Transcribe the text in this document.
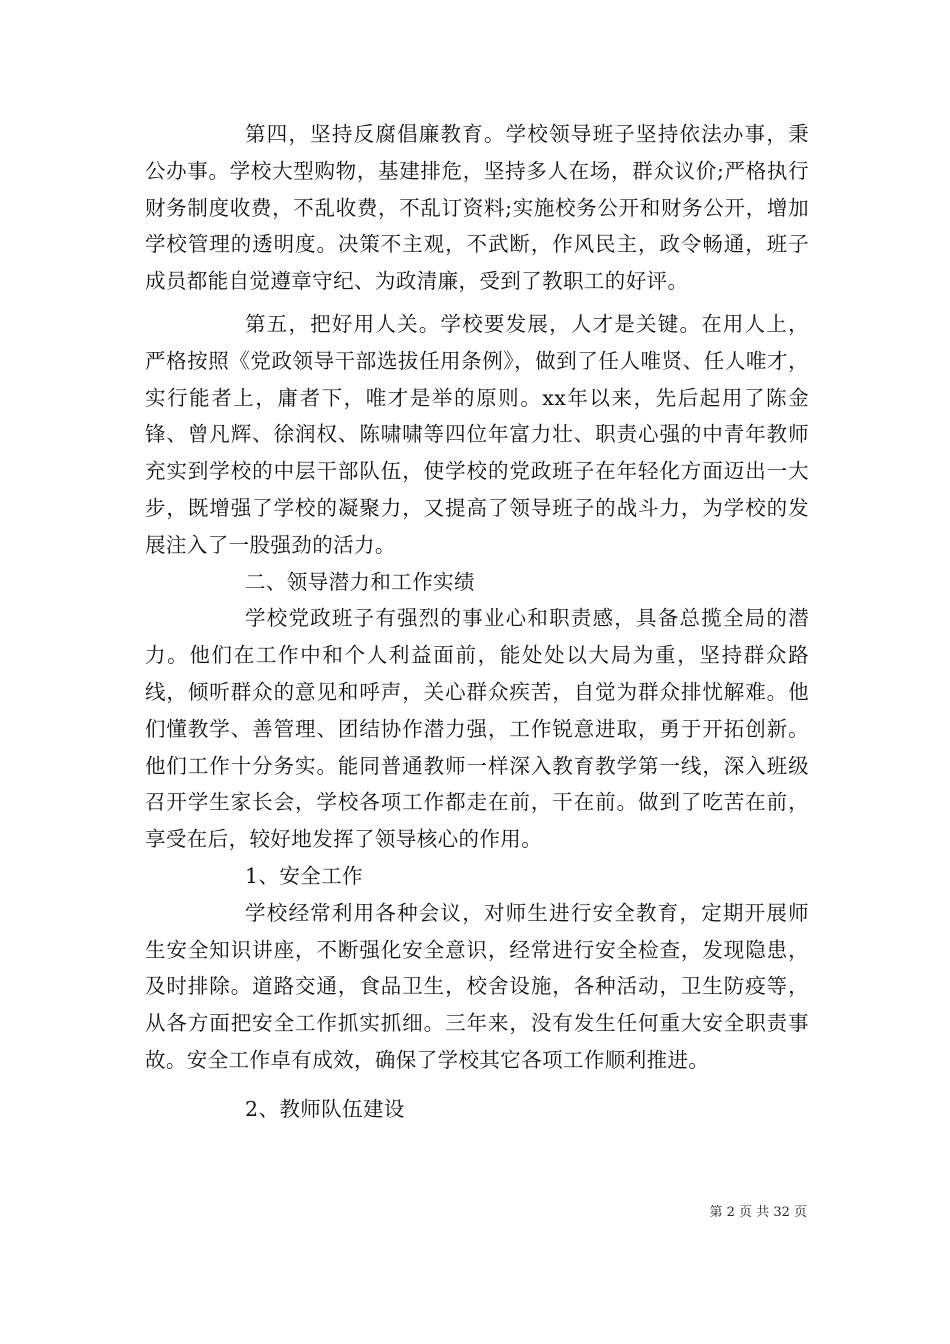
第四，坚持反腐倡廉教育。学校领导班子坚持依法办事，秉公办事。学校大型购物，基建排危，坚持多人在场，群众议价;严格执行财务制度收费，不乱收费，不乱订资料;实施校务公开和财务公开，增加学校管理的透明度。决策不主观，不武断，作风民主，政令畅通，班子成员都能自觉遵章守纪、为政清廉，受到了教职工的好评。

第五，把好用人关。学校要发展，人才是关键。在用人上，严格按照《党政领导干部选拔任用条例》，做到了任人唯贤、任人唯才，实行能者上，庸者下，唯才是举的原则。xx年以来，先后起用了陈金锋、曾凡辉、徐润权、陈啸啸等四位年富力壮、职责心强的中青年教师充实到学校的中层干部队伍，使学校的党政班子在年轻化方面迈出一大步，既增强了学校的凝聚力，又提高了领导班子的战斗力，为学校的发展注入了一股强劲的活力。

二、领导潜力和工作实绩

学校党政班子有强烈的事业心和职责感，具备总揽全局的潜力。他们在工作中和个人利益面前，能处处以大局为重，坚持群众路线，倾听群众的意见和呼声，关心群众疾苦，自觉为群众排忧解难。他们懂教学、善管理、团结协作潜力强，工作锐意进取，勇于开拓创新。他们工作十分务实。能同普通教师一样深入教育教学第一线，深入班级召开学生家长会，学校各项工作都走在前，干在前。做到了吃苦在前，享受在后，较好地发挥了领导核心的作用。

1、安全工作

学校经常利用各种会议，对师生进行安全教育，定期开展师生安全知识讲座，不断强化安全意识，经常进行安全检查，发现隐患，及时排除。道路交通，食品卫生，校舍设施，各种活动，卫生防疫等，从各方面把安全工作抓实抓细。三年来，没有发生任何重大安全职责事故。安全工作卓有成效，确保了学校其它各项工作顺利推进。

2、教师队伍建设

第 2 页 共 32 页
